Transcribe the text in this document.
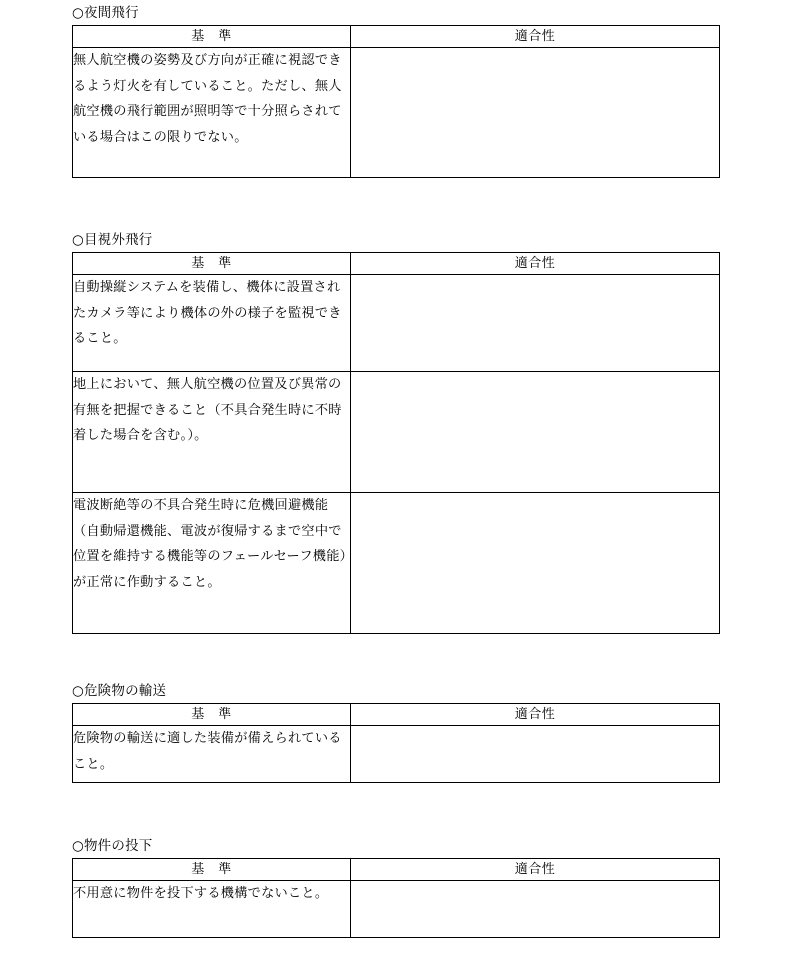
○夜間飛行
基　準	適合性
無人航空機の姿勢及び方向が正確に視認できるよう灯火を有していること。ただし、無人航空機の飛行範囲が照明等で十分照らされている場合はこの限りでない。	
○目視外飛行
基　準	適合性
自動操縦システムを装備し、機体に設置されたカメラ等により機体の外の様子を監視できること。	
地上において、無人航空機の位置及び異常の有無を把握できること（不具合発生時に不時着した場合を含む。）。	
電波断絶等の不具合発生時に危機回避機能（自動帰還機能、電波が復帰するまで空中で位置を維持する機能等のフェールセーフ機能）が正常に作動すること。	
○危険物の輸送
基　準	適合性
危険物の輸送に適した装備が備えられていること。	
○物件の投下
基　準	適合性
不用意に物件を投下する機構でないこと。	
